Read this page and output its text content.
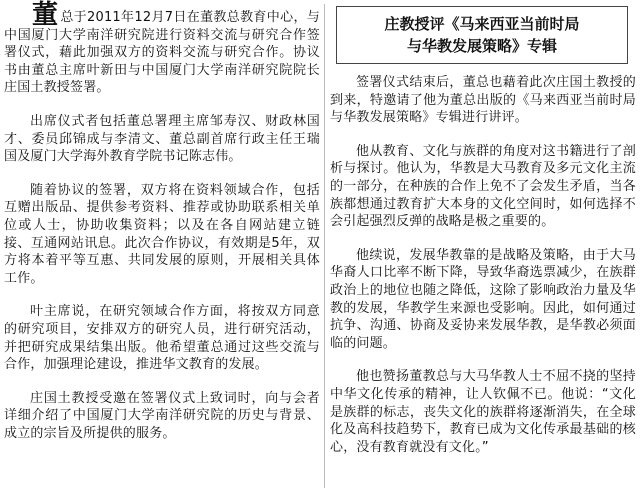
董总于2011年12月7日在董教总教育中心，与中国厦门大学南洋研究院进行资料交流与研究合作签署仪式，藉此加强双方的资料交流与研究合作。协议书由董总主席叶新田与中国厦门大学南洋研究院院长庄国土教授签署。

出席仪式者包括董总署理主席邹寿汉、财政林国才、委员邱锦成与李清文、董总副首席行政主任王瑞国及厦门大学海外教育学院书记陈志伟。

随着协议的签署，双方将在资料领域合作，包括互赠出版品、提供参考资料、推荐或协助联系相关单位或人士，协助收集资料；以及在各自网站建立链接、互通网站讯息。此次合作协议，有效期是5年，双方将本着平等互惠、共同发展的原则，开展相关具体工作。

叶主席说，在研究领域合作方面，将按双方同意的研究项目，安排双方的研究人员，进行研究活动，并把研究成果结集出版。他希望董总通过这些交流与合作，加强理论建设，推进华文教育的发展。

庄国土教授受邀在签署仪式上致词时，向与会者详细介绍了中国厦门大学南洋研究院的历史与背景、成立的宗旨及所提供的服务。

庄教授评《马来西亚当前时局
与华教发展策略》专辑

签署仪式结束后，董总也藉着此次庄国土教授的到来，特邀请了他为董总出版的《马来西亚当前时局与华教发展策略》专辑进行讲评。

他从教育、文化与族群的角度对这书籍进行了剖析与探讨。他认为，华教是大马教育及多元文化主流的一部分，在种族的合作上免不了会发生矛盾，当各族都想通过教育扩大本身的文化空间时，如何选择不会引起强烈反弹的战略是极之重要的。

他续说，发展华教靠的是战略及策略，由于大马华裔人口比率不断下降，导致华裔选票减少，在族群政治上的地位也随之降低，这除了影响政治力量及华教的发展，华教学生来源也受影响。因此，如何通过抗争、沟通、协商及妥协来发展华教，是华教必须面临的问题。

他也赞扬董教总与大马华教人士不屈不挠的坚持中华文化传承的精神，让人钦佩不已。他说：“文化是族群的标志，丧失文化的族群将逐渐消失，在全球化及高科技趋势下，教育已成为文化传承最基础的核心，没有教育就没有文化。”
